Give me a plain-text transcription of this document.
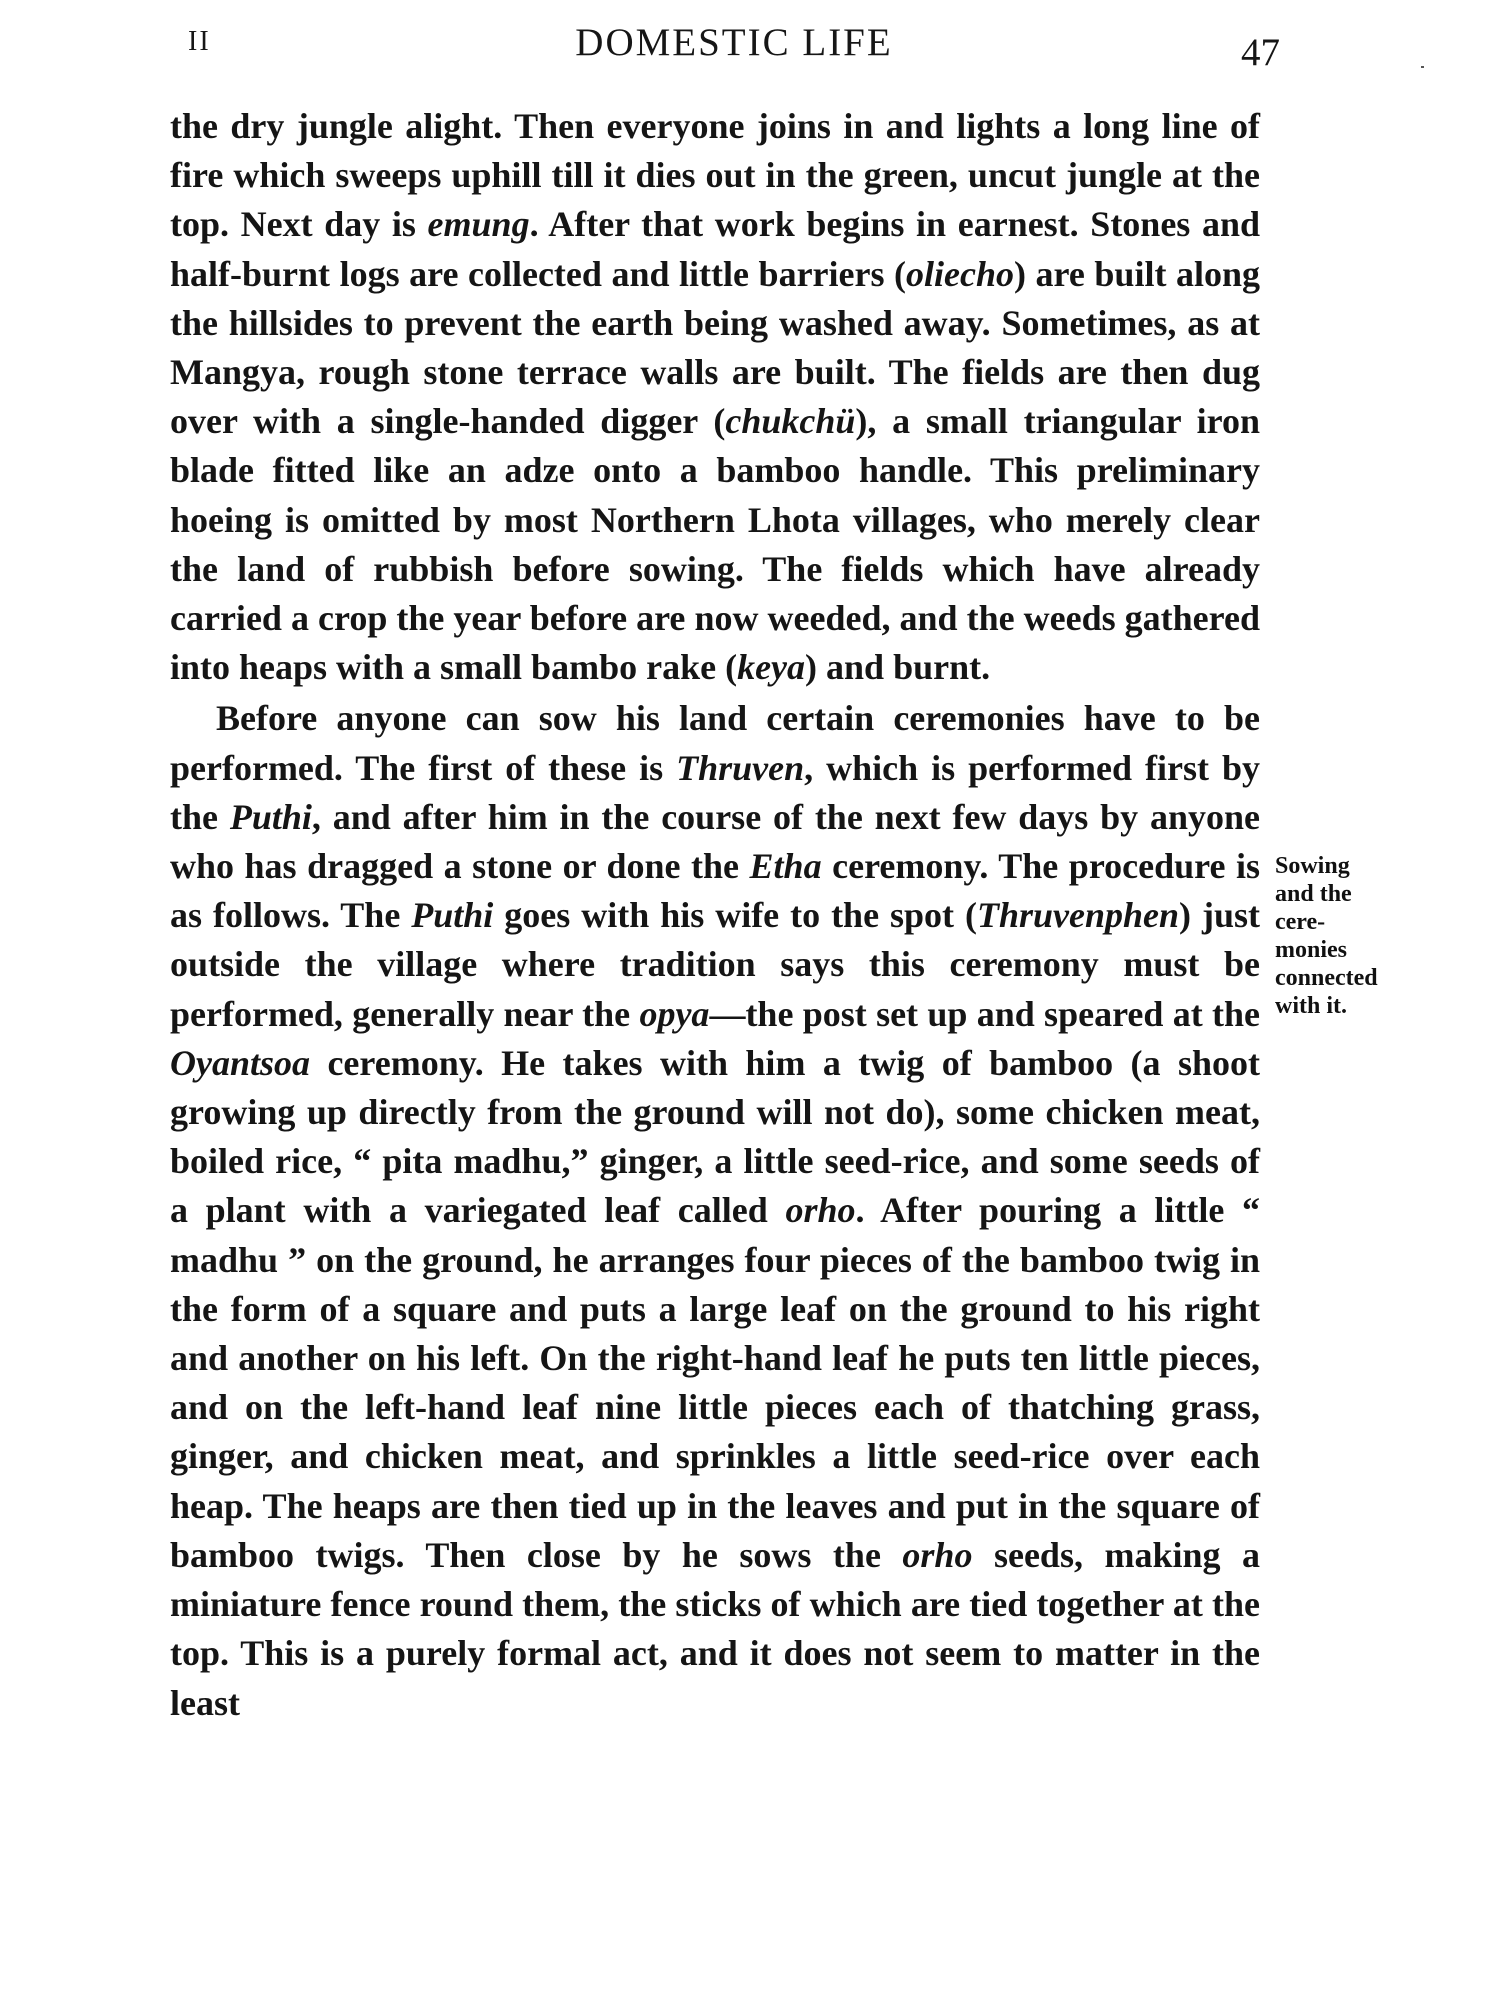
II	DOMESTIC LIFE	47

the dry jungle alight. Then everyone joins in and lights a long line of fire which sweeps uphill till it dies out in the green, uncut jungle at the top. Next day is emung. After that work begins in earnest. Stones and half-burnt logs are collected and little barriers (oliecho) are built along the hillsides to prevent the earth being washed away. Sometimes, as at Mangya, rough stone terrace walls are built. The fields are then dug over with a single-handed digger (chukchü), a small triangular iron blade fitted like an adze onto a bamboo handle. This preliminary hoeing is omitted by most Northern Lhota villages, who merely clear the land of rubbish before sowing. The fields which have already carried a crop the year before are now weeded, and the weeds gathered into heaps with a small bambo rake (keya) and burnt.

Before anyone can sow his land certain ceremonies have to be performed. The first of these is Thruven, which is performed first by the Puthi, and after him in the course of the next few days by anyone who has dragged a stone or done the Etha ceremony. The procedure is as follows. The Puthi goes with his wife to the spot (Thruvenphen) just outside the village where tradition says this ceremony must be performed, generally near the opya—the post set up and speared at the Oyantsoa ceremony. He takes with him a twig of bamboo (a shoot growing up directly from the ground will not do), some chicken meat, boiled rice, “ pita madhu,” ginger, a little seed-rice, and some seeds of a plant with a variegated leaf called orho. After pouring a little “ madhu ” on the ground, he arranges four pieces of the bamboo twig in the form of a square and puts a large leaf on the ground to his right and another on his left. On the right-hand leaf he puts ten little pieces, and on the left-hand leaf nine little pieces each of thatching grass, ginger, and chicken meat, and sprinkles a little seed-rice over each heap. The heaps are then tied up in the leaves and put in the square of bamboo twigs. Then close by he sows the orho seeds, making a miniature fence round them, the sticks of which are tied together at the top. This is a purely formal act, and it does not seem to matter in the least

Sowing
and the
cere-
monies
connected
with it.
